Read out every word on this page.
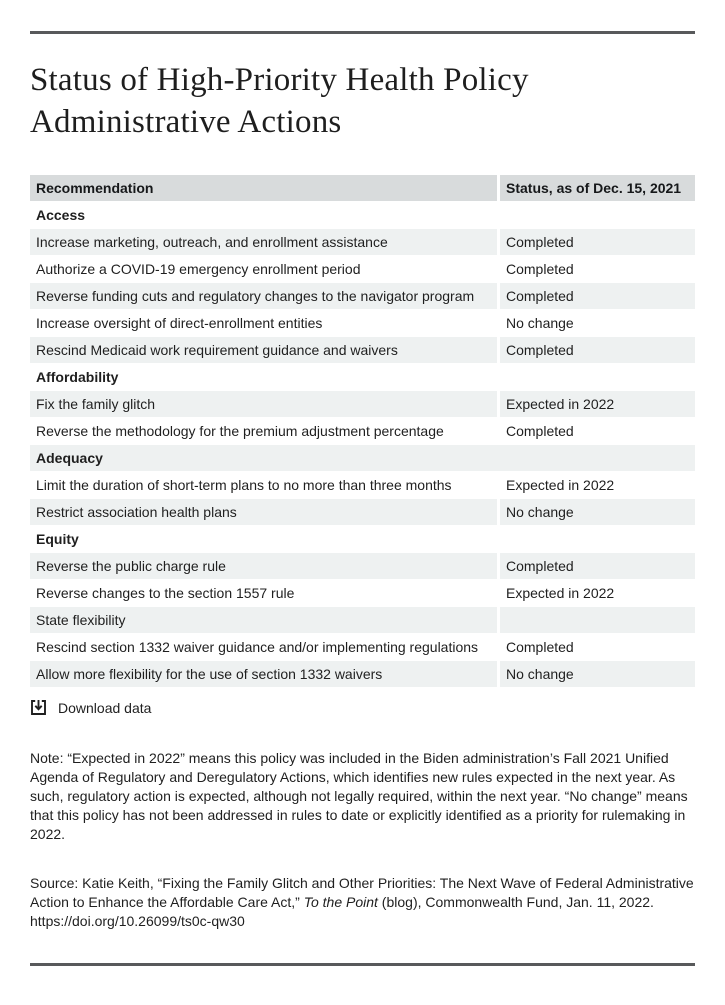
Status of High-Priority Health Policy Administrative Actions
Recommendation	Status, as of Dec. 15, 2021
Access
Increase marketing, outreach, and enrollment assistance	Completed
Authorize a COVID-19 emergency enrollment period	Completed
Reverse funding cuts and regulatory changes to the navigator program	Completed
Increase oversight of direct-enrollment entities	No change
Rescind Medicaid work requirement guidance and waivers	Completed
Affordability
Fix the family glitch	Expected in 2022
Reverse the methodology for the premium adjustment percentage	Completed
Adequacy
Limit the duration of short-term plans to no more than three months	Expected in 2022
Restrict association health plans	No change
Equity
Reverse the public charge rule	Completed
Reverse changes to the section 1557 rule	Expected in 2022
State flexibility
Rescind section 1332 waiver guidance and/or implementing regulations	Completed
Allow more flexibility for the use of section 1332 waivers	No change
Download data

Note: “Expected in 2022” means this policy was included in the Biden administration’s Fall 2021 Unified Agenda of Regulatory and Deregulatory Actions, which identifies new rules expected in the next year. As such, regulatory action is expected, although not legally required, within the next year. “No change” means that this policy has not been addressed in rules to date or explicitly identified as a priority for rulemaking in 2022.

Source: Katie Keith, “Fixing the Family Glitch and Other Priorities: The Next Wave of Federal Administrative Action to Enhance the Affordable Care Act,” To the Point (blog), Commonwealth Fund, Jan. 11, 2022. https://doi.org/10.26099/ts0c-qw30
